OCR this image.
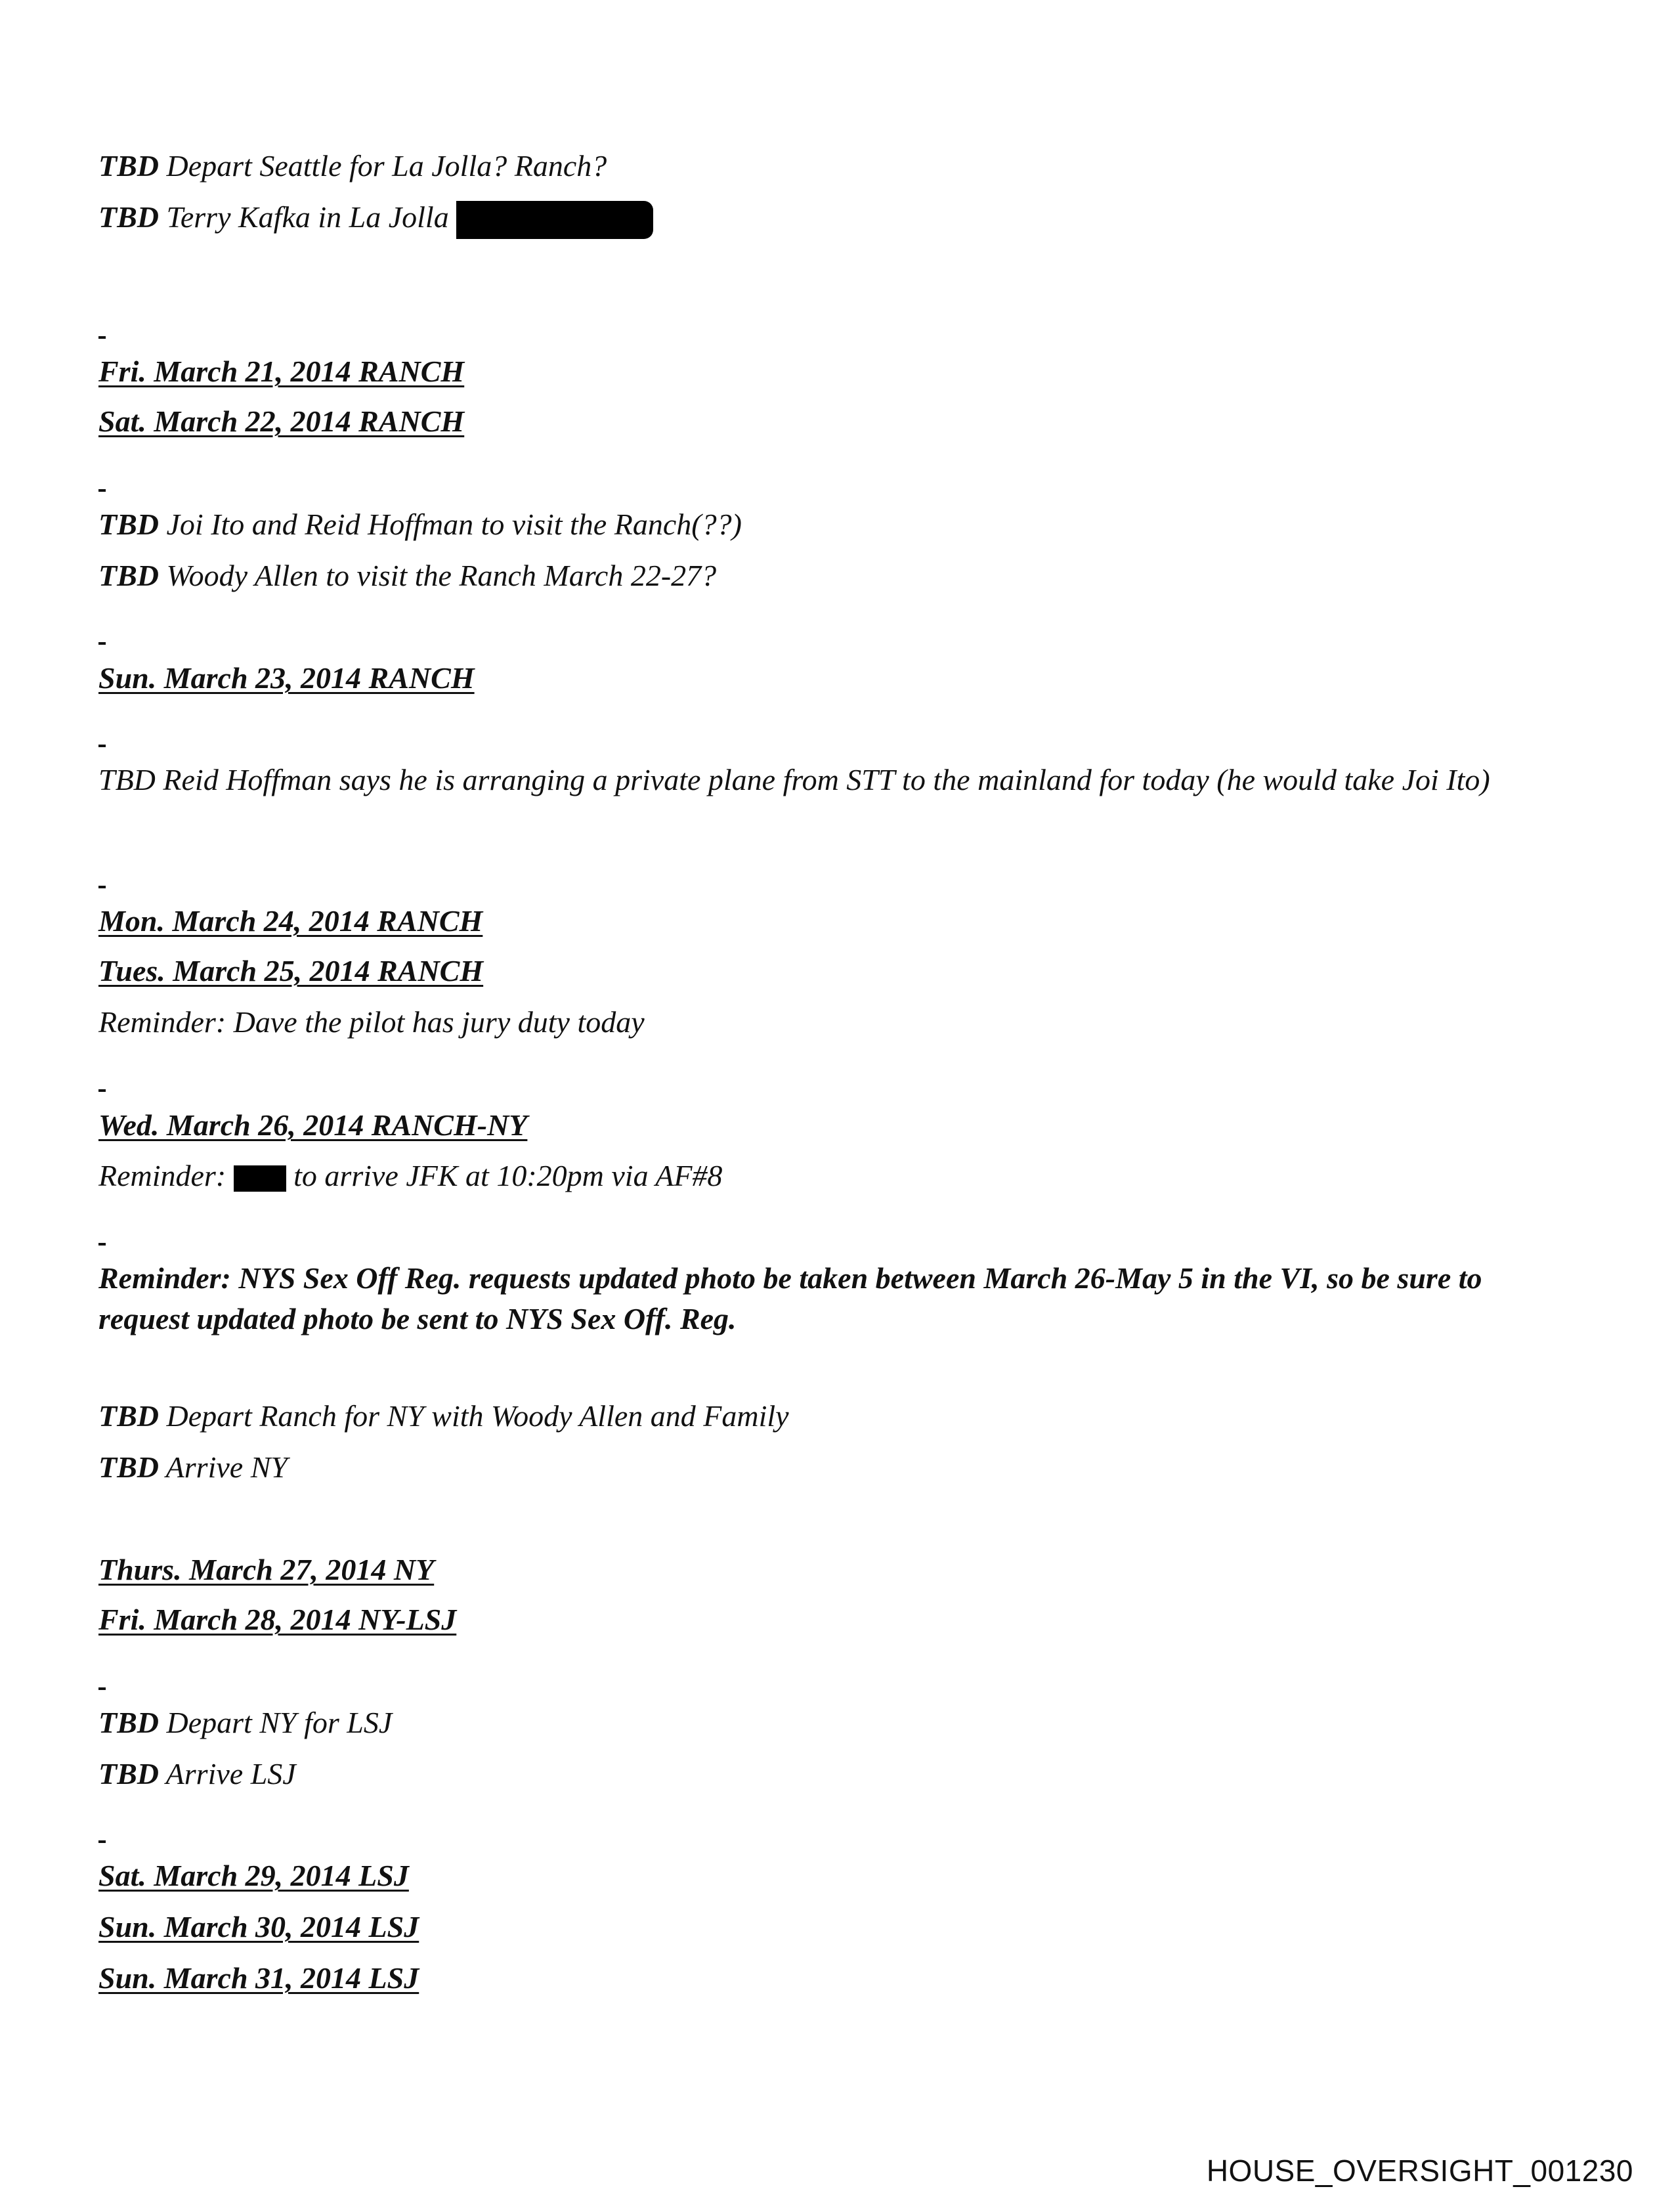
TBD Depart Seattle for La Jolla? Ranch?
TBD Terry Kafka in La Jolla
Fri. March 21, 2014 RANCH
Sat. March 22, 2014 RANCH
TBD Joi Ito and Reid Hoffman to visit the Ranch(??)
TBD Woody Allen to visit the Ranch March 22-27?
Sun. March 23, 2014 RANCH
TBD Reid Hoffman says he is arranging a private plane from STT to the mainland for today (he would take Joi Ito)
Mon. March 24, 2014 RANCH
Tues. March 25, 2014 RANCH
Reminder: Dave the pilot has jury duty today
Wed. March 26, 2014 RANCH-NY
Reminder: to arrive JFK at 10:20pm via AF#8
Reminder: NYS Sex Off Reg. requests updated photo be taken between March 26-May 5 in the VI, so be sure to request updated photo be sent to NYS Sex Off. Reg.
TBD Depart Ranch for NY with Woody Allen and Family
TBD Arrive NY
Thurs. March 27, 2014 NY
Fri. March 28, 2014 NY-LSJ
TBD Depart NY for LSJ
TBD Arrive LSJ
Sat. March 29, 2014 LSJ
Sun. March 30, 2014 LSJ
Sun. March 31, 2014 LSJ
HOUSE_OVERSIGHT_001230
